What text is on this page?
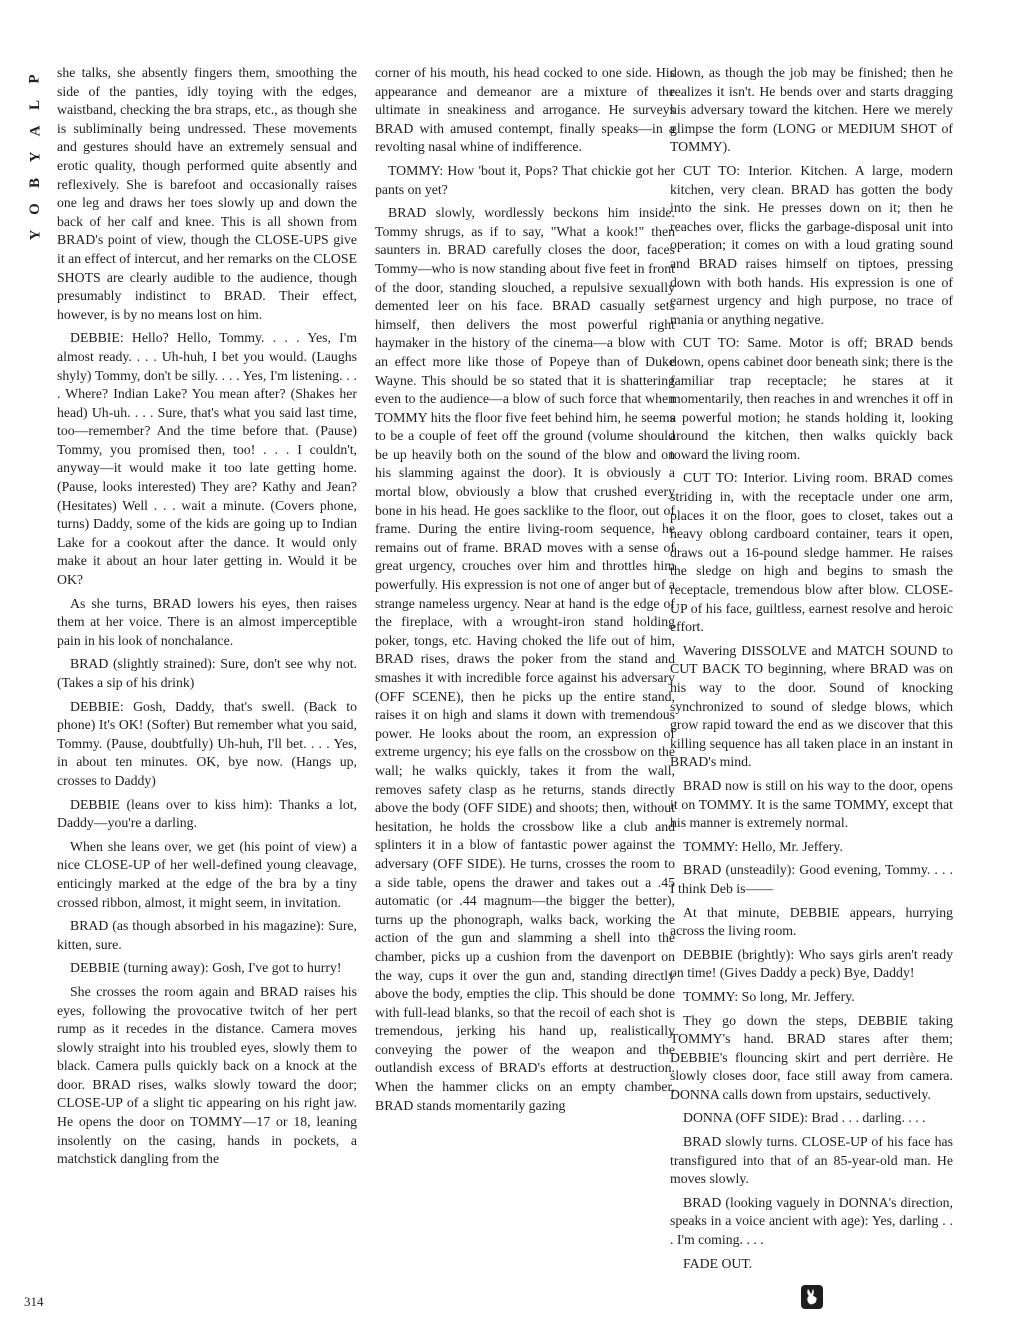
P
L
A
Y
B
O
Y
314

she talks, she absently fingers them, smoothing the side of the panties, idly toying with the edges, waistband, checking the bra straps, etc., as though she is subliminally being undressed. These movements and gestures should have an extremely sensual and erotic quality, though performed quite absently and reflexively. She is barefoot and occasionally raises one leg and draws her toes slowly up and down the back of her calf and knee. This is all shown from BRAD's point of view, though the CLOSE-UPS give it an effect of intercut, and her remarks on the CLOSE SHOTS are clearly audible to the audience, though presumably indistinct to BRAD. Their effect, however, is by no means lost on him.

DEBBIE: Hello? Hello, Tommy. . . . Yes, I'm almost ready. . . . Uh-huh, I bet you would. (Laughs shyly) Tommy, don't be silly. . . . Yes, I'm listening. . . . Where? Indian Lake? You mean after? (Shakes her head) Uh-uh. . . . Sure, that's what you said last time, too—remember? And the time before that. (Pause) Tommy, you promised then, too! . . . I couldn't, anyway—it would make it too late getting home. (Pause, looks interested) They are? Kathy and Jean? (Hesitates) Well . . . wait a minute. (Covers phone, turns) Daddy, some of the kids are going up to Indian Lake for a cookout after the dance. It would only make it about an hour later getting in. Would it be OK?

As she turns, BRAD lowers his eyes, then raises them at her voice. There is an almost imperceptible pain in his look of nonchalance.

BRAD (slightly strained): Sure, don't see why not. (Takes a sip of his drink)

DEBBIE: Gosh, Daddy, that's swell. (Back to phone) It's OK! (Softer) But remember what you said, Tommy. (Pause, doubtfully) Uh-huh, I'll bet. . . . Yes, in about ten minutes. OK, bye now. (Hangs up, crosses to Daddy)

DEBBIE (leans over to kiss him): Thanks a lot, Daddy—you're a darling.

When she leans over, we get (his point of view) a nice CLOSE-UP of her well-defined young cleavage, enticingly marked at the edge of the bra by a tiny crossed ribbon, almost, it might seem, in invitation.

BRAD (as though absorbed in his magazine): Sure, kitten, sure.

DEBBIE (turning away): Gosh, I've got to hurry!

She crosses the room again and BRAD raises his eyes, following the provocative twitch of her pert rump as it recedes in the distance. Camera moves slowly straight into his troubled eyes, slowly them to black. Camera pulls quickly back on a knock at the door. BRAD rises, walks slowly toward the door; CLOSE-UP of a slight tic appearing on his right jaw. He opens the door on TOMMY—17 or 18, leaning insolently on the casing, hands in pockets, a matchstick dangling from the

corner of his mouth, his head cocked to one side. His appearance and demeanor are a mixture of the ultimate in sneakiness and arrogance. He surveys BRAD with amused contempt, finally speaks—in a revolting nasal whine of indifference.

TOMMY: How 'bout it, Pops? That chickie got her pants on yet?

BRAD slowly, wordlessly beckons him inside. Tommy shrugs, as if to say, "What a kook!" then saunters in. BRAD carefully closes the door, faces Tommy—who is now standing about five feet in front of the door, standing slouched, a repulsive sexually demented leer on his face. BRAD casually sets himself, then delivers the most powerful right haymaker in the history of the cinema—a blow with an effect more like those of Popeye than of Duke Wayne. This should be so stated that it is shattering even to the audience—a blow of such force that when TOMMY hits the floor five feet behind him, he seems to be a couple of feet off the ground (volume should be up heavily both on the sound of the blow and on his slamming against the door). It is obviously a mortal blow, obviously a blow that crushed every bone in his head. He goes sacklike to the floor, out of frame. During the entire living-room sequence, he remains out of frame. BRAD moves with a sense of great urgency, crouches over him and throttles him powerfully. His expression is not one of anger but of a strange nameless urgency. Near at hand is the edge of the fireplace, with a wrought-iron stand holding poker, tongs, etc. Having choked the life out of him, BRAD rises, draws the poker from the stand and smashes it with incredible force against his adversary (OFF SCENE), then he picks up the entire stand, raises it on high and slams it down with tremendous power. He looks about the room, an expression of extreme urgency; his eye falls on the crossbow on the wall; he walks quickly, takes it from the wall, removes safety clasp as he returns, stands directly above the body (OFF SIDE) and shoots; then, without hesitation, he holds the crossbow like a club and splinters it in a blow of fantastic power against the adversary (OFF SIDE). He turns, crosses the room to a side table, opens the drawer and takes out a .45 automatic (or .44 magnum—the bigger the better), turns up the phonograph, walks back, working the action of the gun and slamming a shell into the chamber, picks up a cushion from the davenport on the way, cups it over the gun and, standing directly above the body, empties the clip. This should be done with full-lead blanks, so that the recoil of each shot is tremendous, jerking his hand up, realistically conveying the power of the weapon and the outlandish excess of BRAD's efforts at destruction. When the hammer clicks on an empty chamber, BRAD stands momentarily gazing

down, as though the job may be finished; then he realizes it isn't. He bends over and starts dragging his adversary toward the kitchen. Here we merely glimpse the form (LONG or MEDIUM SHOT of TOMMY).

CUT TO: Interior. Kitchen. A large, modern kitchen, very clean. BRAD has gotten the body into the sink. He presses down on it; then he reaches over, flicks the garbage-disposal unit into operation; it comes on with a loud grating sound and BRAD raises himself on tiptoes, pressing down with both hands. His expression is one of earnest urgency and high purpose, no trace of mania or anything negative.

CUT TO: Same. Motor is off; BRAD bends down, opens cabinet door beneath sink; there is the familiar trap receptacle; he stares at it momentarily, then reaches in and wrenches it off in a powerful motion; he stands holding it, looking around the kitchen, then walks quickly back toward the living room.

CUT TO: Interior. Living room. BRAD comes striding in, with the receptacle under one arm, places it on the floor, goes to closet, takes out a heavy oblong cardboard container, tears it open, draws out a 16-pound sledge hammer. He raises the sledge on high and begins to smash the receptacle, tremendous blow after blow. CLOSE-UP of his face, guiltless, earnest resolve and heroic effort.

Wavering DISSOLVE and MATCH SOUND to CUT BACK TO beginning, where BRAD was on his way to the door. Sound of knocking synchronized to sound of sledge blows, which grow rapid toward the end as we discover that this killing sequence has all taken place in an instant in BRAD's mind.

BRAD now is still on his way to the door, opens it on TOMMY. It is the same TOMMY, except that his manner is extremely normal.

TOMMY: Hello, Mr. Jeffery.

BRAD (unsteadily): Good evening, Tommy. . . . I think Deb is——

At that minute, DEBBIE appears, hurrying across the living room.

DEBBIE (brightly): Who says girls aren't ready on time! (Gives Daddy a peck) Bye, Daddy!

TOMMY: So long, Mr. Jeffery.

They go down the steps, DEBBIE taking TOMMY's hand. BRAD stares after them; DEBBIE's flouncing skirt and pert derrière. He slowly closes door, face still away from camera. DONNA calls down from upstairs, seductively.

DONNA (OFF SIDE): Brad . . . darling. . . .

BRAD slowly turns. CLOSE-UP of his face has transfigured into that of an 85-year-old man. He moves slowly.

BRAD (looking vaguely in DONNA's direction, speaks in a voice ancient with age): Yes, darling . . . I'm coming. . . .

FADE OUT.
